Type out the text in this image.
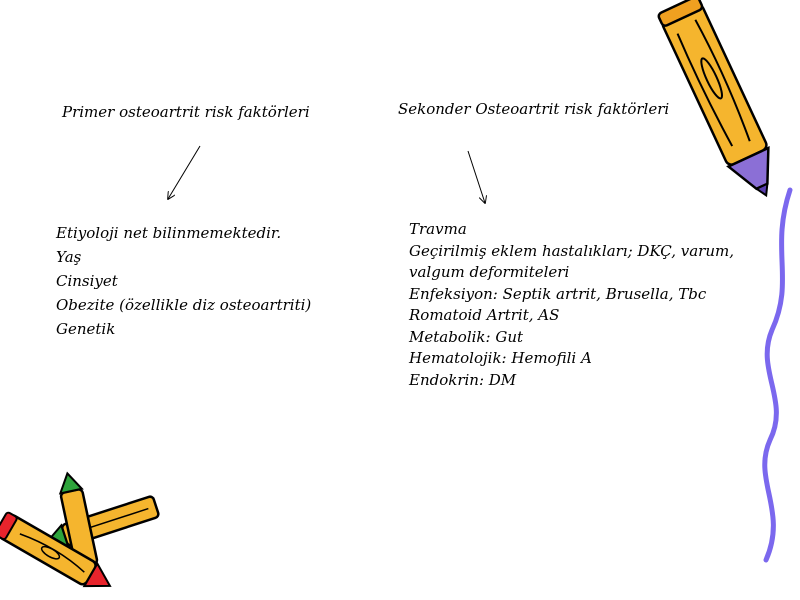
Primer osteoartrit risk faktörleri	Sekonder Osteoartrit risk faktörleri
Etiyoloji net bilinmemektedir.
Yaş
Cinsiyet
Obezite (özellikle diz osteoartriti)
Genetik
Travma
Geçirilmiş eklem hastalıkları; DKÇ, varum, valgum deformiteleri
Enfeksiyon: Septik artrit, Brusella, Tbc
Romatoid Artrit, AS
Metabolik: Gut
Hematolojik: Hemofili A
Endokrin: DM
